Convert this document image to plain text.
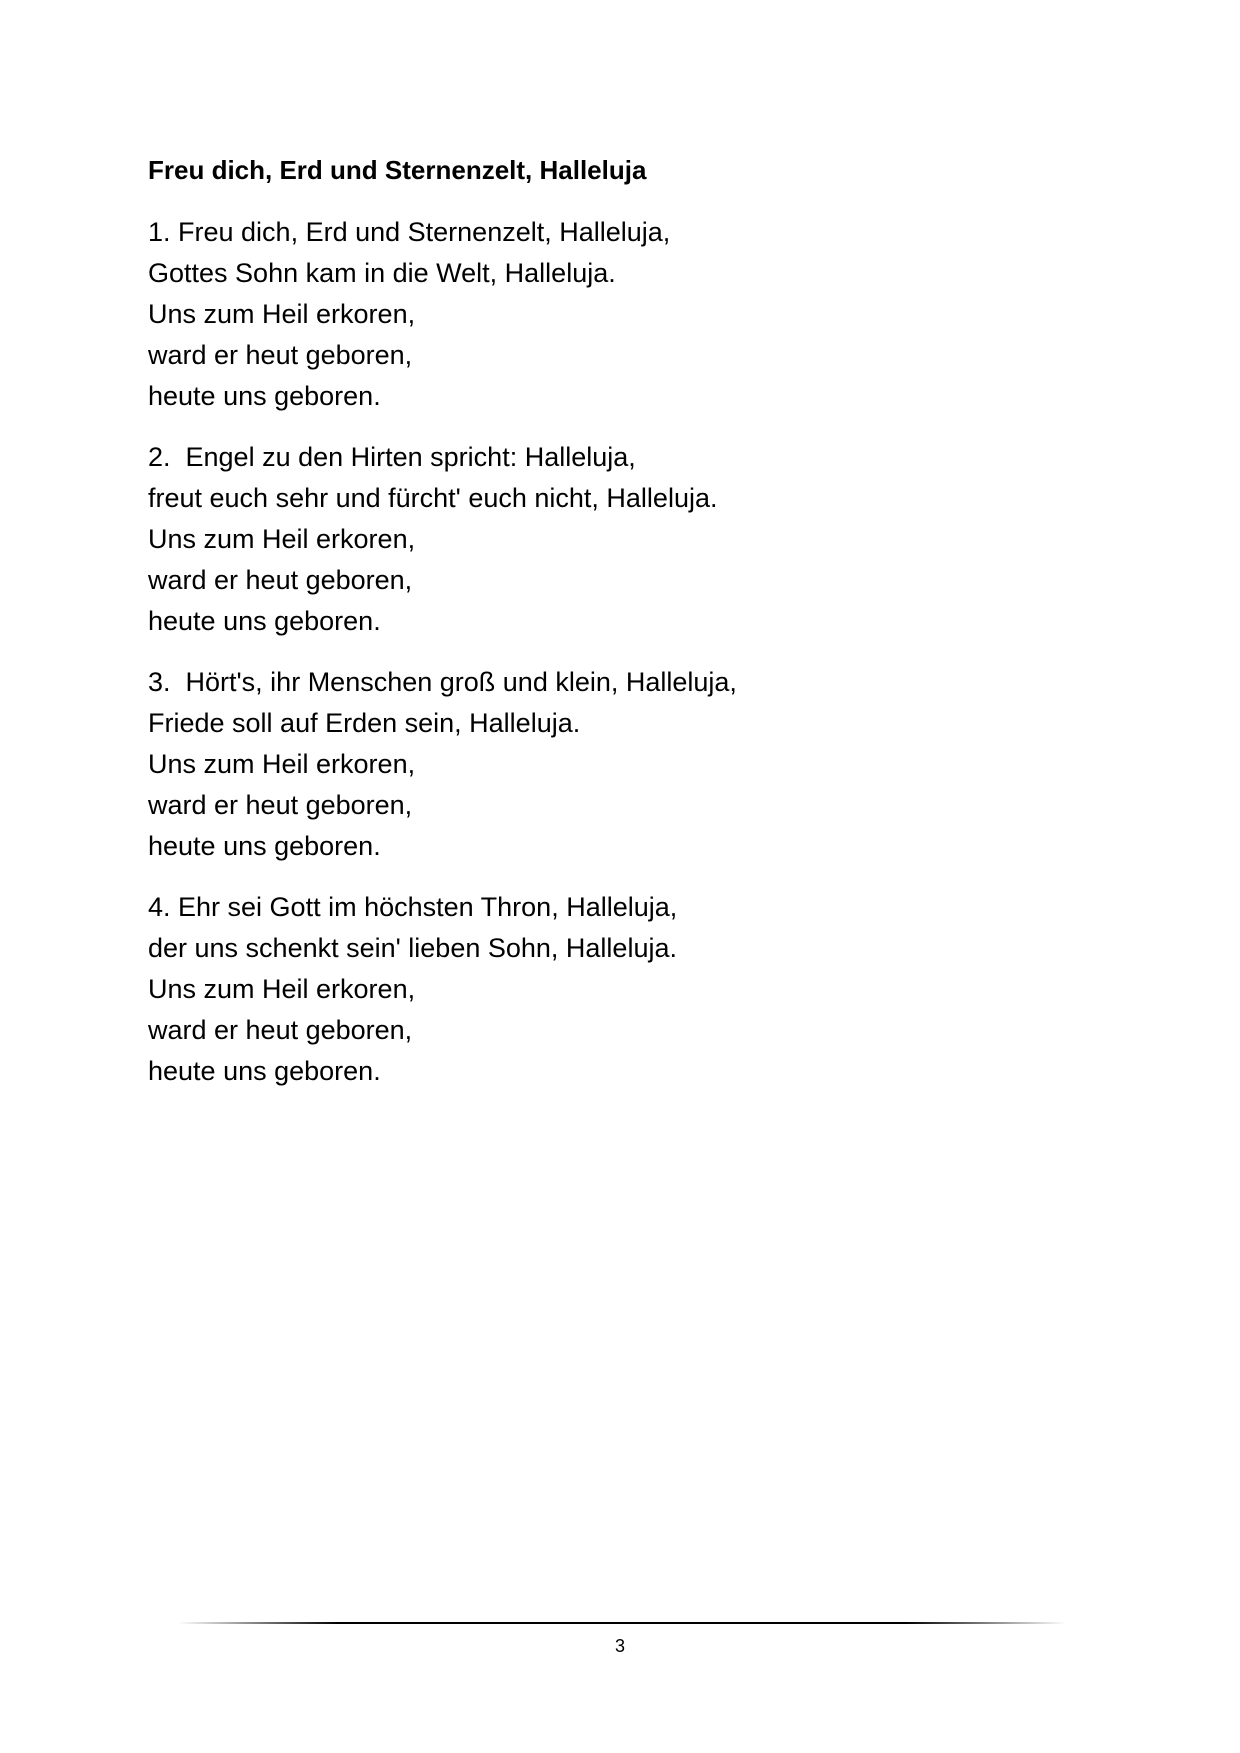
Freu dich, Erd und Sternenzelt, Halleluja
1. Freu dich, Erd und Sternenzelt, Halleluja,
Gottes Sohn kam in die Welt, Halleluja.
Uns zum Heil erkoren,
ward er heut geboren,
heute uns geboren.
2.  Engel zu den Hirten spricht: Halleluja,
freut euch sehr und fürcht' euch nicht, Halleluja.
Uns zum Heil erkoren,
ward er heut geboren,
heute uns geboren.
3.  Hört's, ihr Menschen groß und klein, Halleluja,
Friede soll auf Erden sein, Halleluja.
Uns zum Heil erkoren,
ward er heut geboren,
heute uns geboren.
4. Ehr sei Gott im höchsten Thron, Halleluja,
der uns schenkt sein' lieben Sohn, Halleluja.
Uns zum Heil erkoren,
ward er heut geboren,
heute uns geboren.
3
